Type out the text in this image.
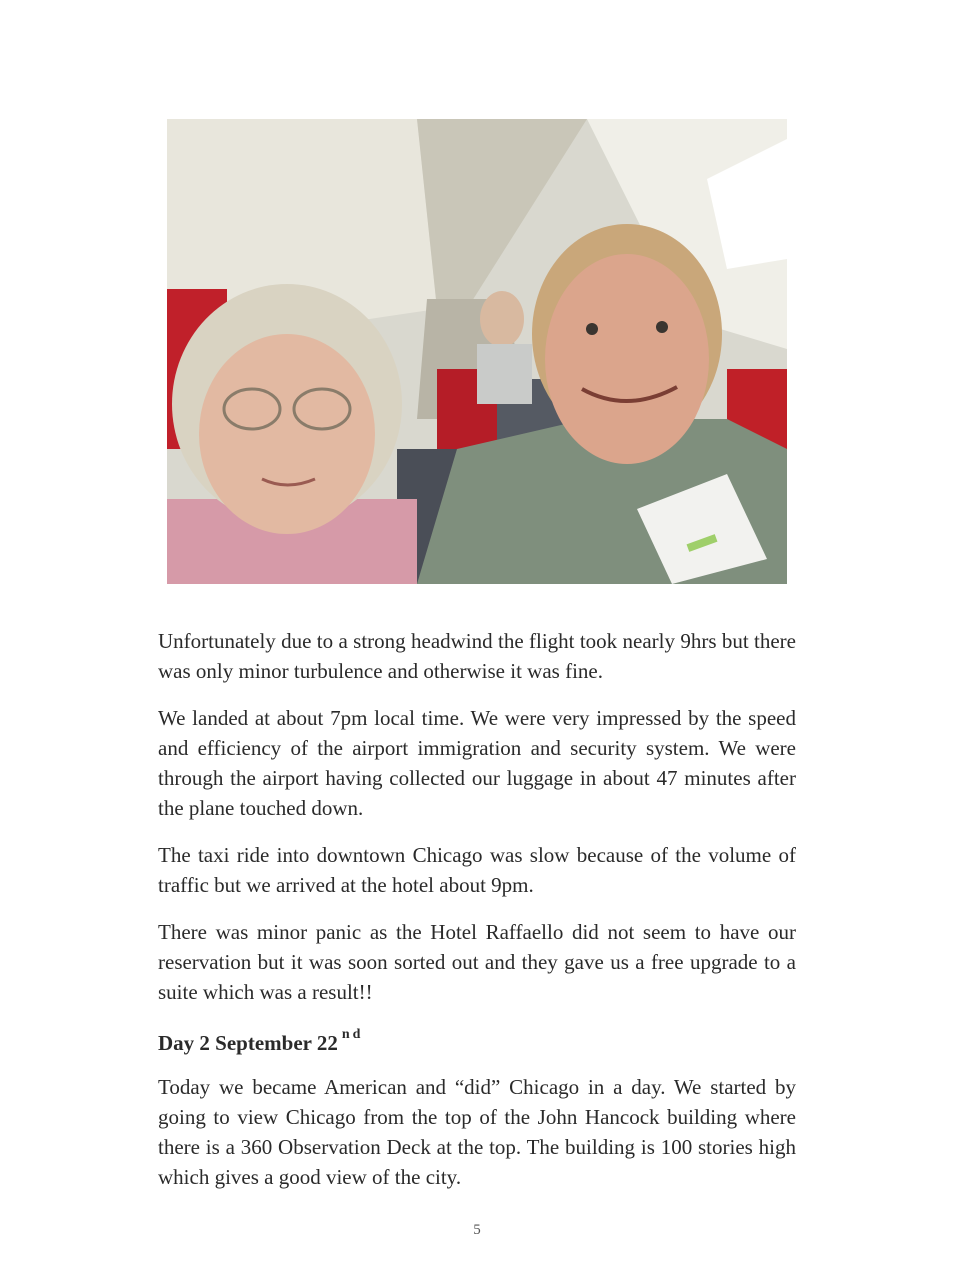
Unfortunately due to a strong headwind the flight took nearly 9hrs but there was only minor turbulence and otherwise it was fine.

We landed at about 7pm local time. We were very impressed by the speed and efficiency of the airport immigration and security system. We were through the airport having collected our luggage in about 47 minutes after the plane touched down.

The taxi ride into downtown Chicago was slow because of the volume of traffic but we arrived at the hotel about 9pm.

There was minor panic as the Hotel Raffaello did not seem to have our reservation but it was soon sorted out and they gave us a free upgrade to a suite which was a result!!

Day 2 September 22 $^{nd}$

Today we became American and “did” Chicago in a day. We started by going to view Chicago from the top of the John Hancock building where there is a 360 Observation Deck at the top. The building is 100 stories high which gives a good view of the city.

5
